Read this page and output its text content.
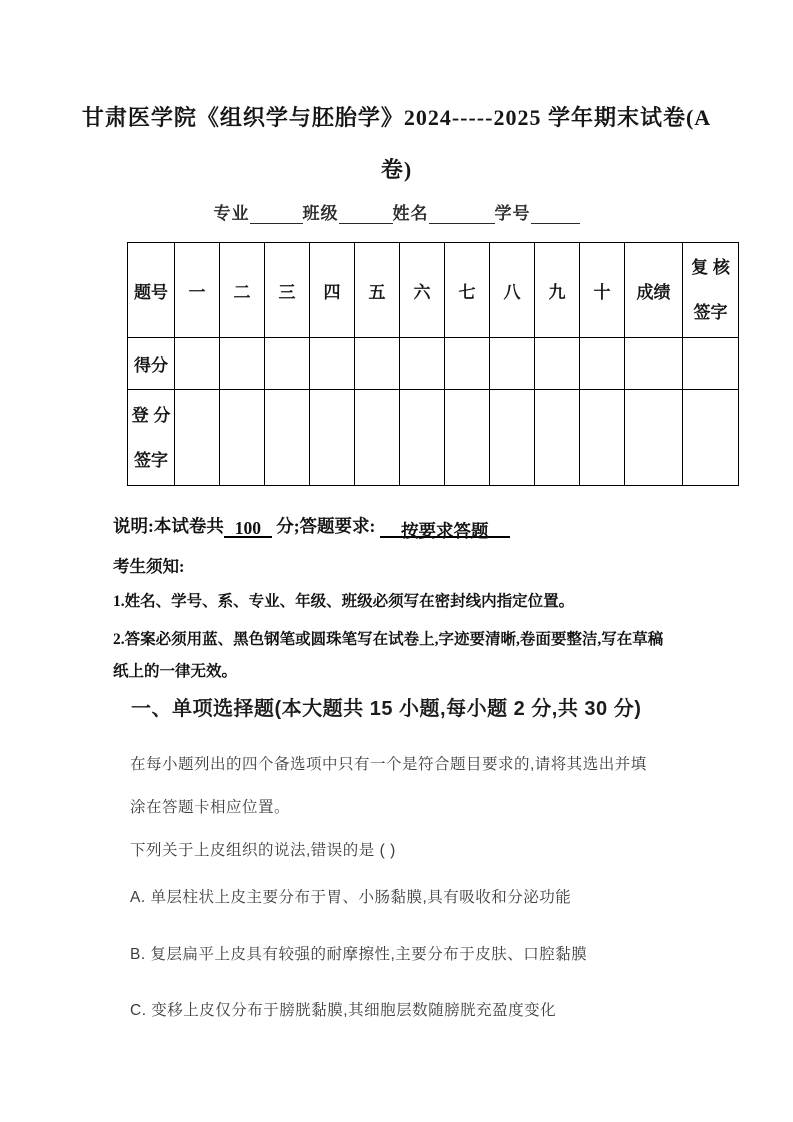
甘肃医学院《组织学与胚胎学》2024-----2025 学年期末试卷(A
卷)
专业	班级	姓名	学号
题号	一	二	三	四	五	六	七	八	九	十	成绩	复 核
签字

得分												

登 分
签字												

说明:本试卷共 100 分;答题要求: 按要求答题
考生须知:
1.姓名、学号、系、专业、年级、班级必须写在密封线内指定位置。
2.答案必须用蓝、黑色钢笔或圆珠笔写在试卷上,字迹要清晰,卷面要整洁,写在草稿
纸上的一律无效。
一、单项选择题(本大题共 15 小题,每小题 2 分,共 30 分)
在每小题列出的四个备选项中只有一个是符合题目要求的,请将其选出并填
涂在答题卡相应位置。
下列关于上皮组织的说法,错误的是 ( )
A. 单层柱状上皮主要分布于胃、小肠黏膜,具有吸收和分泌功能
B. 复层扁平上皮具有较强的耐摩擦性,主要分布于皮肤、口腔黏膜
C. 变移上皮仅分布于膀胱黏膜,其细胞层数随膀胱充盈度变化
